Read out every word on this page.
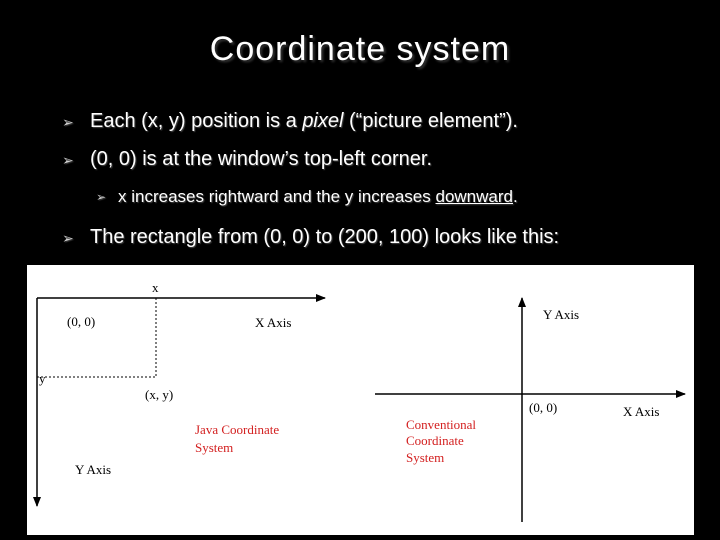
Coordinate system
➢ Each (x, y) position is a pixel (“picture element”).
➢ (0, 0) is at the window’s top-left corner.
➢ x increases rightward and the y increases downward.
➢ The rectangle from (0, 0) to (200, 100) looks like this:
x
(0, 0)	X Axis
y
(x, y)
Y Axis
Java Coordinate
System
Y Axis
(0, 0)	X Axis
Conventional
Coordinate
System
